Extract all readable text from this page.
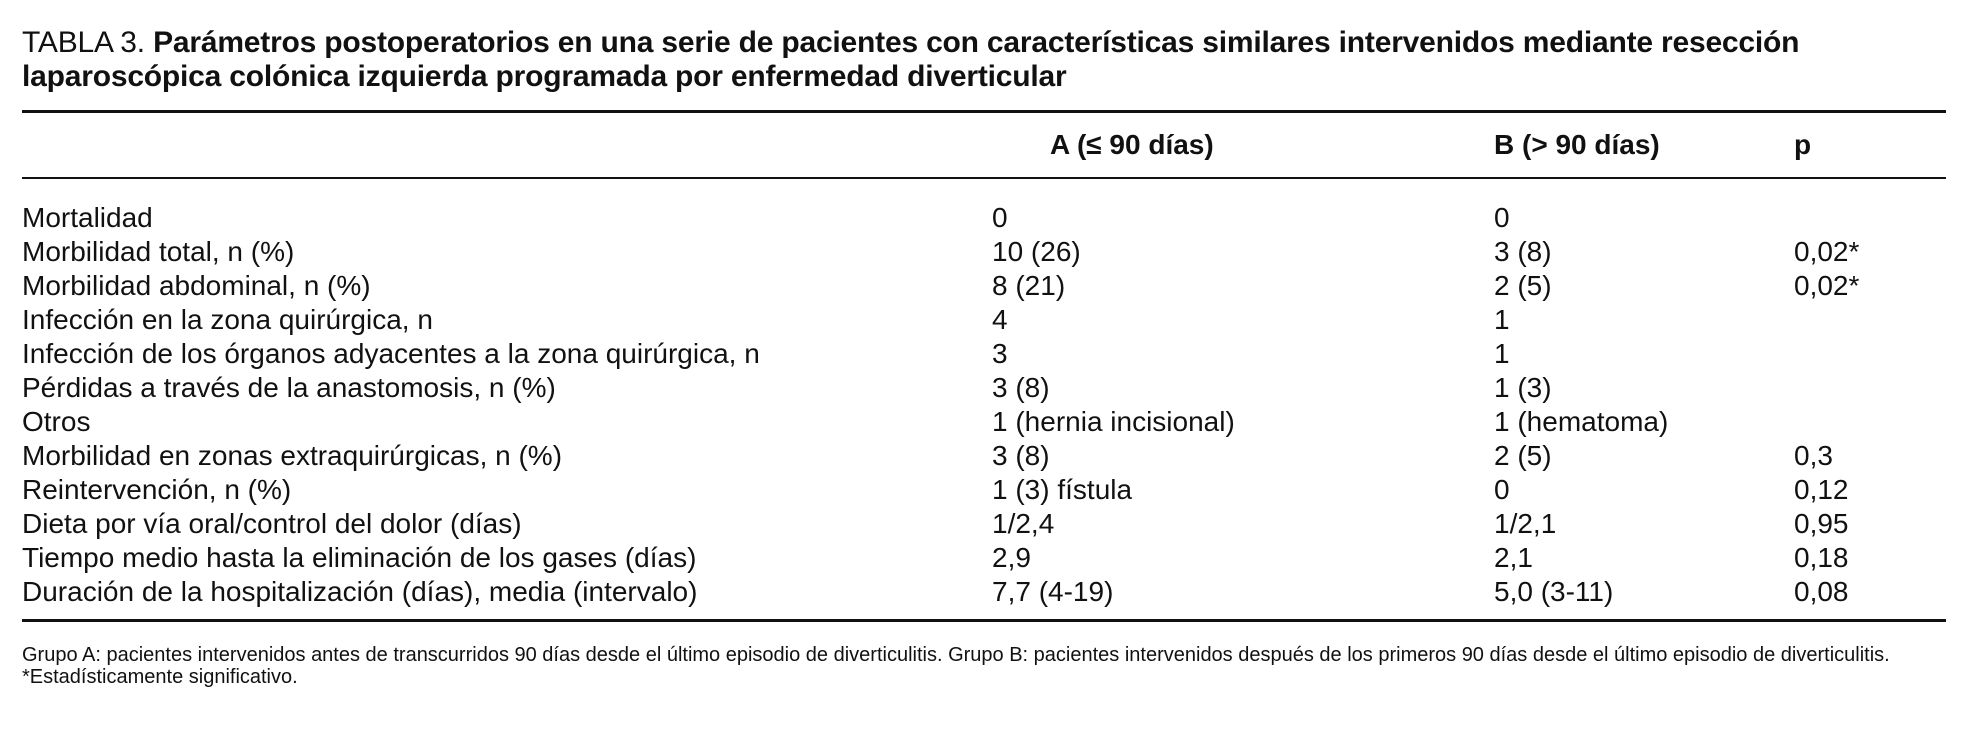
TABLA 3. Parámetros postoperatorios en una serie de pacientes con características similares intervenidos mediante resección laparoscópica colónica izquierda programada por enfermedad diverticular

	A (≤ 90 días)	B (> 90 días)	p
Mortalidad	0	0	
Morbilidad total, n (%)	10 (26)	3 (8)	0,02*
Morbilidad abdominal, n (%)	8 (21)	2 (5)	0,02*
Infección en la zona quirúrgica, n	4	1	
Infección de los órganos adyacentes a la zona quirúrgica, n	3	1	
Pérdidas a través de la anastomosis, n (%)	3 (8)	1 (3)	
Otros	1 (hernia incisional)	1 (hematoma)	
Morbilidad en zonas extraquirúrgicas, n (%)	3 (8)	2 (5)	0,3
Reintervención, n (%)	1 (3) fístula	0	0,12
Dieta por vía oral/control del dolor (días)	1/2,4	1/2,1	0,95
Tiempo medio hasta la eliminación de los gases (días)	2,9	2,1	0,18
Duración de la hospitalización (días), media (intervalo)	7,7 (4-19)	5,0 (3-11)	0,08

Grupo A: pacientes intervenidos antes de transcurridos 90 días desde el último episodio de diverticulitis. Grupo B: pacientes intervenidos después de los primeros 90 días desde el último episodio de diverticulitis.

*Estadísticamente significativo.
